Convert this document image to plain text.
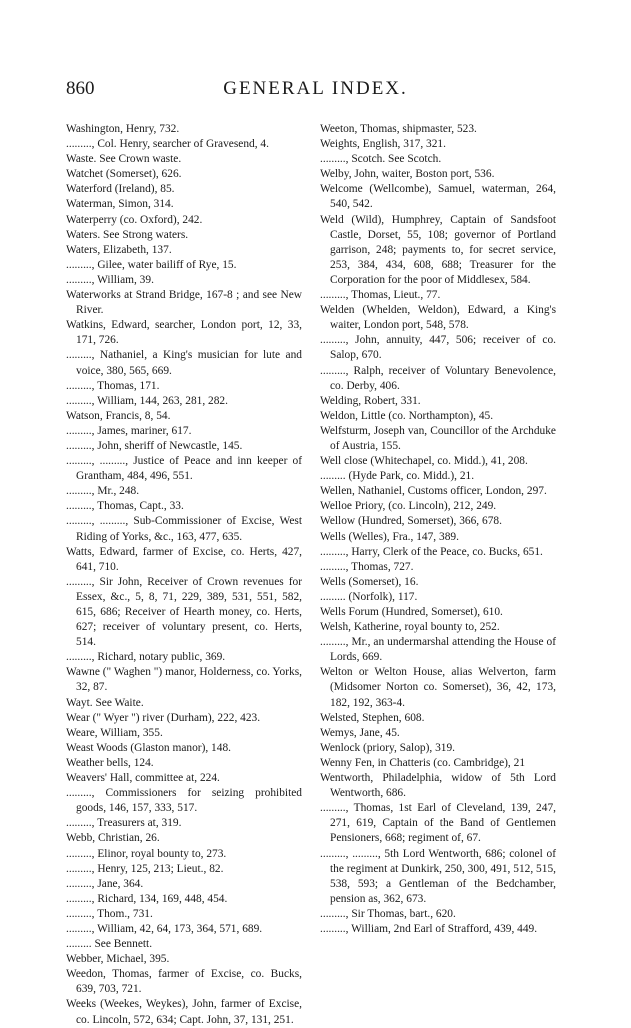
860	GENERAL INDEX.
Washington, Henry, 732.
........., Col. Henry, searcher of Gravesend, 4.
Waste. See Crown waste.
Watchet (Somerset), 626.
Waterford (Ireland), 85.
Waterman, Simon, 314.
Waterperry (co. Oxford), 242.
Waters. See Strong waters.
Waters, Elizabeth, 137.
........., Gilee, water bailiff of Rye, 15.
........., William, 39.
Waterworks at Strand Bridge, 167-8 ; and see New River.
Watkins, Edward, searcher, London port, 12, 33, 171, 726.
........., Nathaniel, a King's musician for lute and voice, 380, 565, 669.
........., Thomas, 171.
........., William, 144, 263, 281, 282.
Watson, Francis, 8, 54.
........., James, mariner, 617.
........., John, sheriff of Newcastle, 145.
........., ........., Justice of Peace and inn keeper of Grantham, 484, 496, 551.
........., Mr., 248.
........., Thomas, Capt., 33.
........., ........., Sub-Commissioner of Excise, West Riding of Yorks, &c., 163, 477, 635.
Watts, Edward, farmer of Excise, co. Herts, 427, 641, 710.
........., Sir John, Receiver of Crown revenues for Essex, &c., 5, 8, 71, 229, 389, 531, 551, 582, 615, 686; Receiver of Hearth money, co. Herts, 627; receiver of voluntary present, co. Herts, 514.
........., Richard, notary public, 369.
Wawne (" Waghen ") manor, Holderness, co. Yorks, 32, 87.
Wayt. See Waite.
Wear (" Wyer ") river (Durham), 222, 423.
Weare, William, 355.
Weast Woods (Glaston manor), 148.
Weather bells, 124.
Weavers' Hall, committee at, 224.
........., Commissioners for seizing prohibited goods, 146, 157, 333, 517.
........., Treasurers at, 319.
Webb, Christian, 26.
........., Elinor, royal bounty to, 273.
........., Henry, 125, 213; Lieut., 82.
........., Jane, 364.
........., Richard, 134, 169, 448, 454.
........., Thom., 731.
........., William, 42, 64, 173, 364, 571, 689.
......... See Bennett.
Webber, Michael, 395.
Weedon, Thomas, farmer of Excise, co. Bucks, 639, 703, 721.
Weeks (Weekes, Weykes), John, farmer of Excise, co. Lincoln, 572, 634; Capt. John, 37, 131, 251.
Weeton, Thomas, shipmaster, 523.
Weights, English, 317, 321.
........., Scotch. See Scotch.
Welby, John, waiter, Boston port, 536.
Welcome (Wellcombe), Samuel, waterman, 264, 540, 542.
Weld (Wild), Humphrey, Captain of Sandsfoot Castle, Dorset, 55, 108; governor of Portland garrison, 248; payments to, for secret service, 253, 384, 434, 608, 688; Treasurer for the Corporation for the poor of Middlesex, 584.
........., Thomas, Lieut., 77.
Welden (Whelden, Weldon), Edward, a King's waiter, London port, 548, 578.
........., John, annuity, 447, 506; receiver of co. Salop, 670.
........., Ralph, receiver of Voluntary Benevolence, co. Derby, 406.
Welding, Robert, 331.
Weldon, Little (co. Northampton), 45.
Welfsturm, Joseph van, Councillor of the Archduke of Austria, 155.
Well close (Whitechapel, co. Midd.), 41, 208.
......... (Hyde Park, co. Midd.), 21.
Wellen, Nathaniel, Customs officer, London, 297.
Welloe Priory, (co. Lincoln), 212, 249.
Wellow (Hundred, Somerset), 366, 678.
Wells (Welles), Fra., 147, 389.
........., Harry, Clerk of the Peace, co. Bucks, 651.
........., Thomas, 727.
Wells (Somerset), 16.
......... (Norfolk), 117.
Wells Forum (Hundred, Somerset), 610.
Welsh, Katherine, royal bounty to, 252.
........., Mr., an undermarshal attending the House of Lords, 669.
Welton or Welton House, alias Welverton, farm (Midsomer Norton co. Somerset), 36, 42, 173, 182, 192, 363-4.
Welsted, Stephen, 608.
Wemys, Jane, 45.
Wenlock (priory, Salop), 319.
Wenny Fen, in Chatteris (co. Cambridge), 21
Wentworth, Philadelphia, widow of 5th Lord Wentworth, 686.
........., Thomas, 1st Earl of Cleveland, 139, 247, 271, 619, Captain of the Band of Gentlemen Pensioners, 668; regiment of, 67.
........., ........., 5th Lord Wentworth, 686; colonel of the regiment at Dunkirk, 250, 300, 491, 512, 515, 538, 593; a Gentleman of the Bedchamber, pension as, 362, 673.
........., Sir Thomas, bart., 620.
........., William, 2nd Earl of Strafford, 439, 449.
